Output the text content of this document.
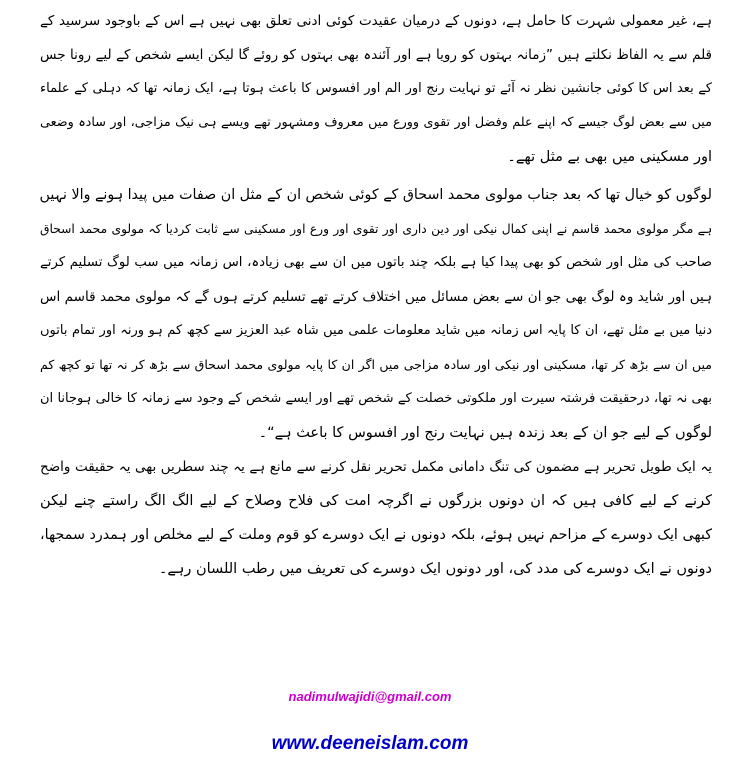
ہے، غیر معمولی شہرت کا حامل ہے، دونوں کے درمیان عقیدت کوئی ادنی تعلق بھی نہیں ہے اس کے باوجود سرسید کے
قلم سے یہ الفاظ نکلتے ہیں ”زمانہ بہتوں کو رویا ہے اور آئندہ بھی بہتوں کو روئے گا لیکن ایسے شخص کے لیے رونا جس
کے بعد اس کا کوئی جانشین نظر نہ آئے تو نہایت رنج اور الم اور افسوس کا باعث ہوتا ہے، ایک زمانہ تھا کہ دہلی کے علماء
میں سے بعض لوگ جیسے کہ اپنے علم وفضل اور تقوی وورع میں معروف ومشہور تھے ویسے ہی نیک مزاجی، اور سادہ وضعی
اور مسکینی میں بھی بے مثل تھے۔
لوگوں کو خیال تھا کہ بعد جناب مولوی محمد اسحاق کے کوئی شخص ان کے مثل ان صفات میں پیدا ہونے والا نہیں
ہے مگر مولوی محمد قاسم نے اپنی کمال نیکی اور دین داری اور تقوی اور ورع اور مسکینی سے ثابت کردیا کہ مولوی محمد اسحاق
صاحب کی مثل اور شخص کو بھی پیدا کیا ہے بلکہ چند باتوں میں ان سے بھی زیادہ، اس زمانہ میں سب لوگ تسلیم کرتے
ہیں اور شاید وہ لوگ بھی جو ان سے بعض مسائل میں اختلاف کرتے تھے تسلیم کرتے ہوں گے کہ مولوی محمد قاسم اس
دنیا میں بے مثل تھے، ان کا پایہ اس زمانہ میں شاید معلومات علمی میں شاہ عبد العزیز سے کچھ کم ہو ورنہ اور تمام باتوں
میں ان سے بڑھ کر تھا، مسکینی اور نیکی اور سادہ مزاجی میں اگر ان کا پایہ مولوی محمد اسحاق سے بڑھ کر نہ تھا تو کچھ کم
بھی نہ تھا، درحقیقت فرشتہ سیرت اور ملکوتی خصلت کے شخص تھے اور ایسے شخص کے وجود سے زمانہ کا خالی ہوجانا ان
لوگوں کے لیے جو ان کے بعد زندہ ہیں نہایت رنج اور افسوس کا باعث ہے“۔
یہ ایک طویل تحریر ہے مضمون کی تنگ دامانی مکمل تحریر نقل کرنے سے مانع ہے یہ چند سطریں بھی یہ حقیقت واضح
کرنے کے لیے کافی ہیں کہ ان دونوں بزرگوں نے اگرچہ امت کی فلاح وصلاح کے لیے الگ الگ راستے چنے لیکن
کبھی ایک دوسرے کے مزاحم نہیں ہوئے، بلکہ دونوں نے ایک دوسرے کو قوم وملت کے لیے مخلص اور ہمدرد سمجھا،
دونوں نے ایک دوسرے کی مدد کی، اور دونوں ایک دوسرے کی تعریف میں رطب اللسان رہے۔
nadimulwajidi@gmail.com
www.deeneislam.com
